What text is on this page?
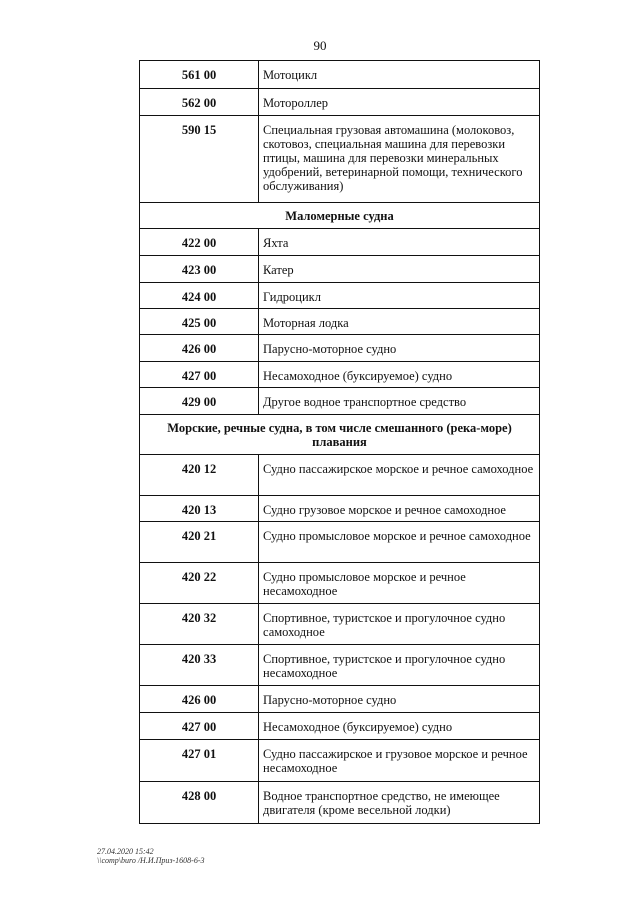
90
561 00	Мотоцикл
562 00	Мотороллер
590 15	Специальная грузовая автомашина (молоковоз, скотовоз, специальная машина для перевозки птицы, машина для перевозки минеральных удобрений, ветеринарной помощи, технического обслуживания)
Маломерные судна	
422 00	Яхта
423 00	Катер
424 00	Гидроцикл
425 00	Моторная лодка
426 00	Парусно-моторное судно
427 00	Несамоходное (буксируемое) судно
429 00	Другое водное транспортное средство
Морские, речные судна, в том числе смешанного (река-море) плавания	
420 12	Судно пассажирское морское и речное самоходное
420 13	Судно грузовое морское и речное самоходное
420 21	Судно промысловое морское и речное самоходное
420 22	Судно промысловое морское и речное несамоходное
420 32	Спортивное, туристское и прогулочное судно самоходное
420 33	Спортивное, туристское и прогулочное судно несамоходное
426 00	Парусно-моторное судно
427 00	Несамоходное (буксируемое) судно
427 01	Судно пассажирское и грузовое морское и речное несамоходное
428 00	Водное транспортное средство, не имеющее двигателя (кроме весельной лодки)
27.04.2020 15:42
\\comp\buro /Н.И.Приз-1608-6-3
